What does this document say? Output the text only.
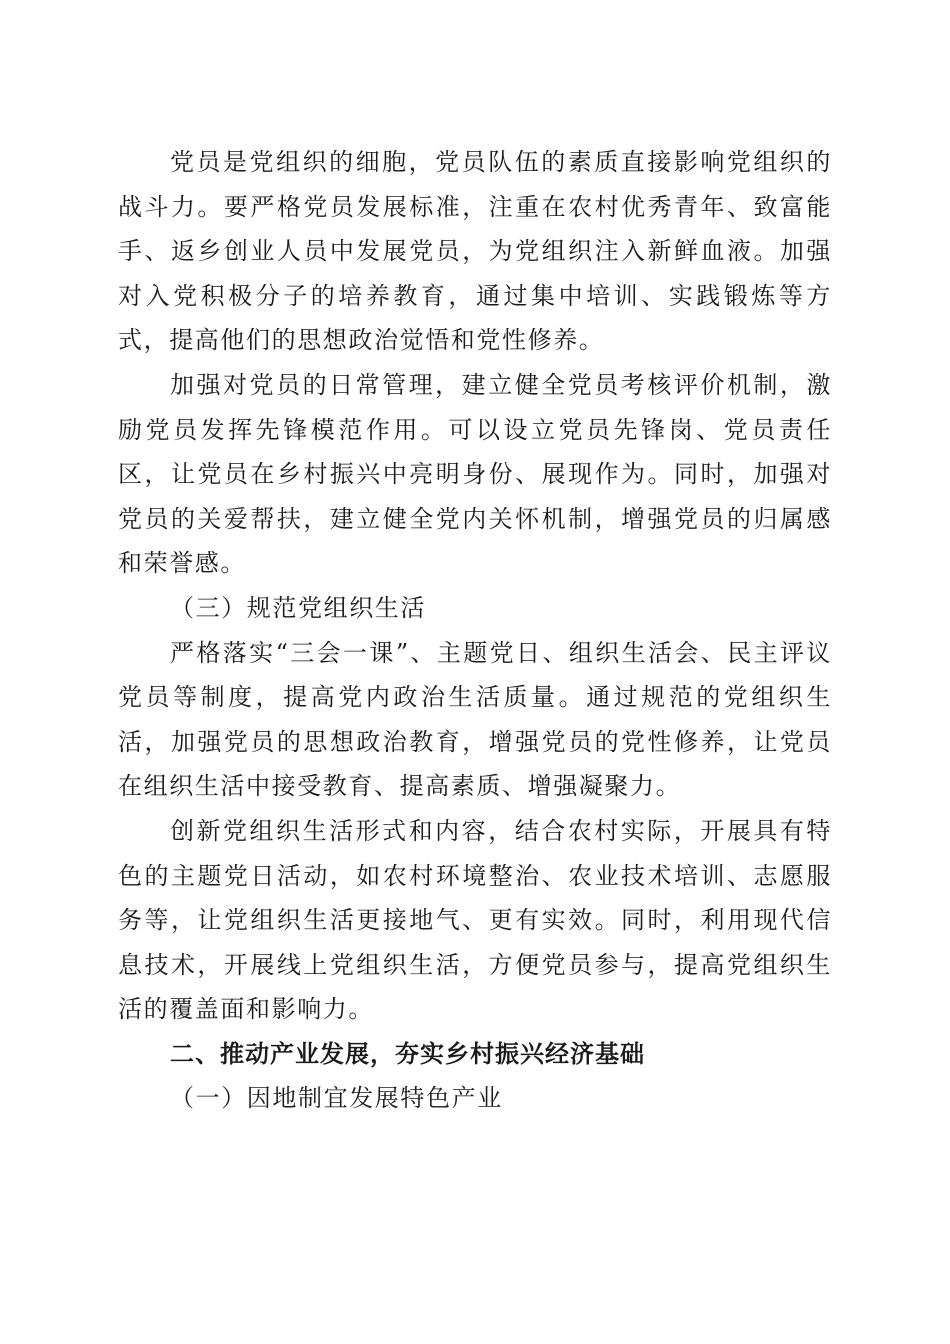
党员是党组织的细胞，党员队伍的素质直接影响党组织的战斗力。要严格党员发展标准，注重在农村优秀青年、致富能手、返乡创业人员中发展党员，为党组织注入新鲜血液。加强对入党积极分子的培养教育，通过集中培训、实践锻炼等方式，提高他们的思想政治觉悟和党性修养。

加强对党员的日常管理，建立健全党员考核评价机制，激励党员发挥先锋模范作用。可以设立党员先锋岗、党员责任区，让党员在乡村振兴中亮明身份、展现作为。同时，加强对党员的关爱帮扶，建立健全党内关怀机制，增强党员的归属感和荣誉感。

（三）规范党组织生活

严格落实“三会一课”、主题党日、组织生活会、民主评议党员等制度，提高党内政治生活质量。通过规范的党组织生活，加强党员的思想政治教育，增强党员的党性修养，让党员在组织生活中接受教育、提高素质、增强凝聚力。

创新党组织生活形式和内容，结合农村实际，开展具有特色的主题党日活动，如农村环境整治、农业技术培训、志愿服务等，让党组织生活更接地气、更有实效。同时，利用现代信息技术，开展线上党组织生活，方便党员参与，提高党组织生活的覆盖面和影响力。

二、推动产业发展，夯实乡村振兴经济基础

（一）因地制宜发展特色产业
